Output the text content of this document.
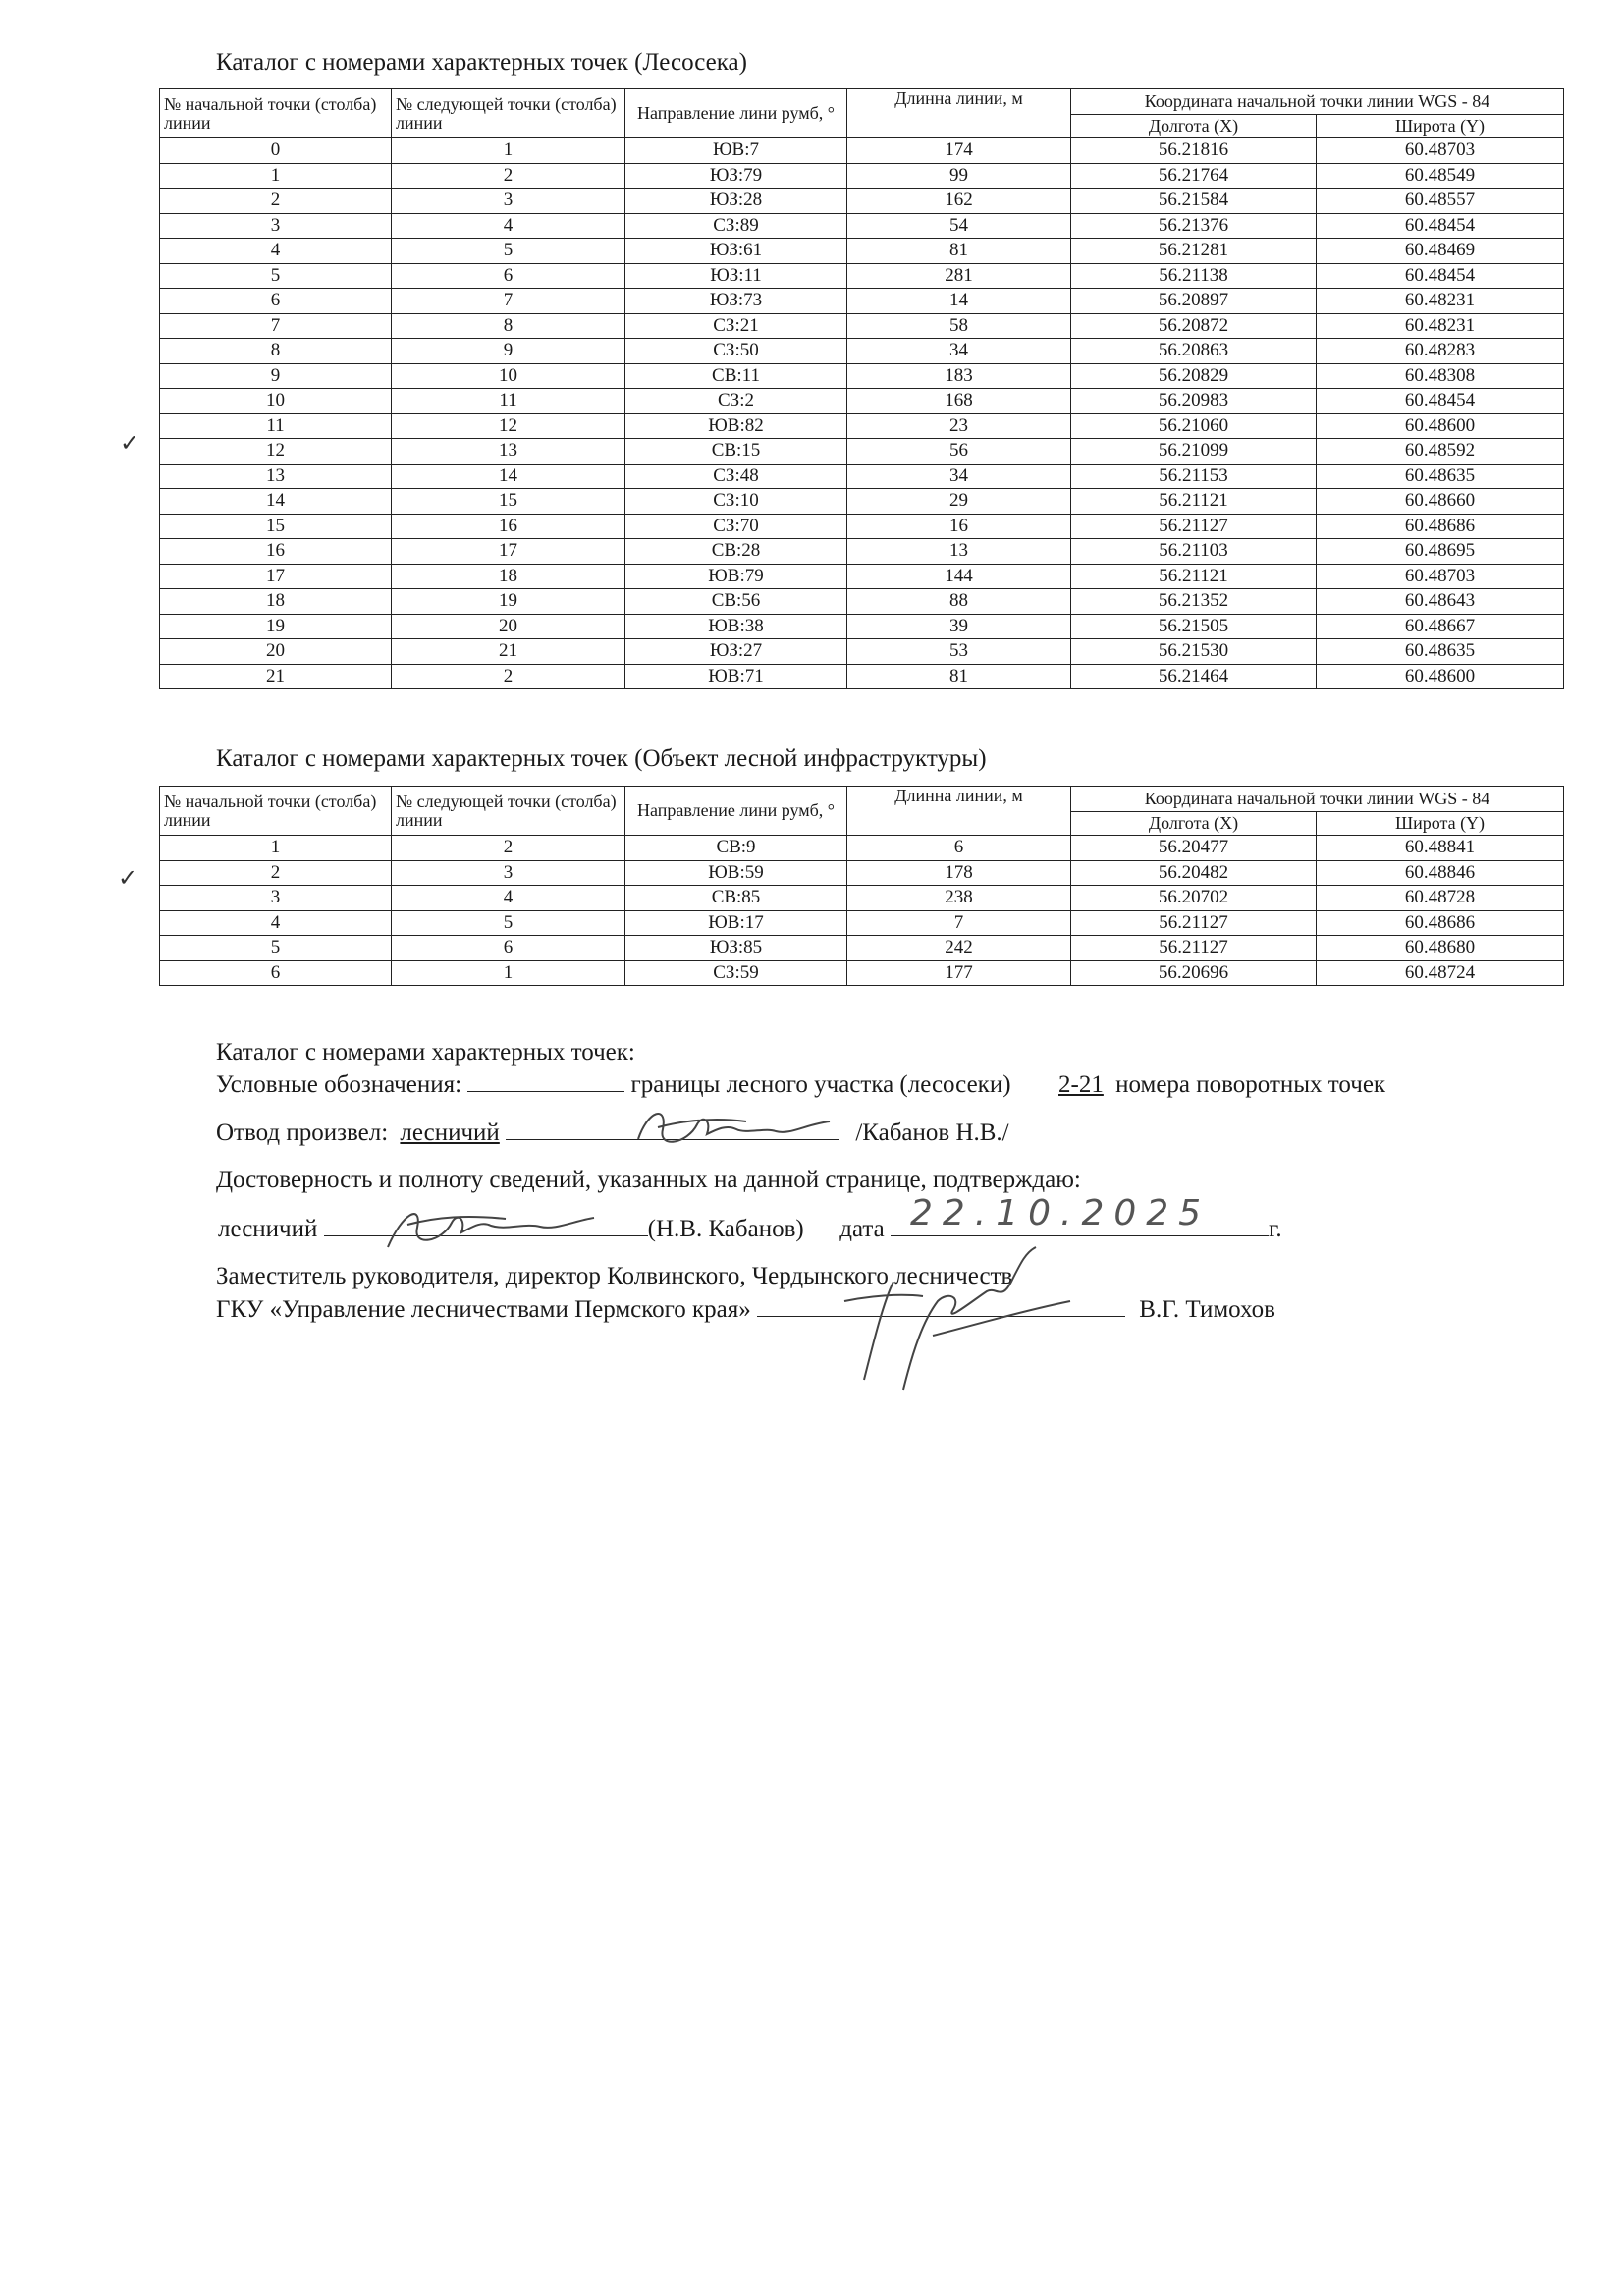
Каталог с номерами характерных точек (Лесосека)
№ начальной точки (столба) линии	№ следующей точки (столба) линии	Направление лини румб, °	Длинна линии, м	Координата начальной точки линии WGS - 84	
				Долгота (X)	Широта (Y)
0	1	ЮВ:7	174	56.21816	60.48703
1	2	ЮЗ:79	99	56.21764	60.48549
2	3	ЮЗ:28	162	56.21584	60.48557
3	4	СЗ:89	54	56.21376	60.48454
4	5	ЮЗ:61	81	56.21281	60.48469
5	6	ЮЗ:11	281	56.21138	60.48454
6	7	ЮЗ:73	14	56.20897	60.48231
7	8	СЗ:21	58	56.20872	60.48231
8	9	СЗ:50	34	56.20863	60.48283
9	10	СВ:11	183	56.20829	60.48308
10	11	СЗ:2	168	56.20983	60.48454
11	12	ЮВ:82	23	56.21060	60.48600
12	13	СВ:15	56	56.21099	60.48592
13	14	СЗ:48	34	56.21153	60.48635
14	15	СЗ:10	29	56.21121	60.48660
15	16	СЗ:70	16	56.21127	60.48686
16	17	СВ:28	13	56.21103	60.48695
17	18	ЮВ:79	144	56.21121	60.48703
18	19	СВ:56	88	56.21352	60.48643
19	20	ЮВ:38	39	56.21505	60.48667
20	21	ЮЗ:27	53	56.21530	60.48635
21	2	ЮВ:71	81	56.21464	60.48600
Каталог с номерами характерных точек (Объект лесной инфраструктуры)
№ начальной точки (столба) линии	№ следующей точки (столба) линии	Направление лини румб, °	Длинна линии, м	Координата начальной точки линии WGS - 84	
				Долгота (X)	Широта (Y)
1	2	СВ:9	6	56.20477	60.48841
2	3	ЮВ:59	178	56.20482	60.48846
3	4	СВ:85	238	56.20702	60.48728
4	5	ЮВ:17	7	56.21127	60.48686
5	6	ЮЗ:85	242	56.21127	60.48680
6	1	СЗ:59	177	56.20696	60.48724
✓
✓
Каталог с номерами характерных точек:
Условные обозначения:	границы лесного участка (лесосеки) 2-21 номера поворотных точек
Отвод произвел: лесничий	/Кабанов Н.В./
Достоверность и полноту сведений, указанных на данной странице, подтверждаю:
лесничий	(Н.В. Кабанов) дата 22.10.2025 г.
Заместитель руководителя, директор Колвинского, Чердынского лесничеств
ГКУ «Управление лесничествами Пермского края»	В.Г. Тимохов
